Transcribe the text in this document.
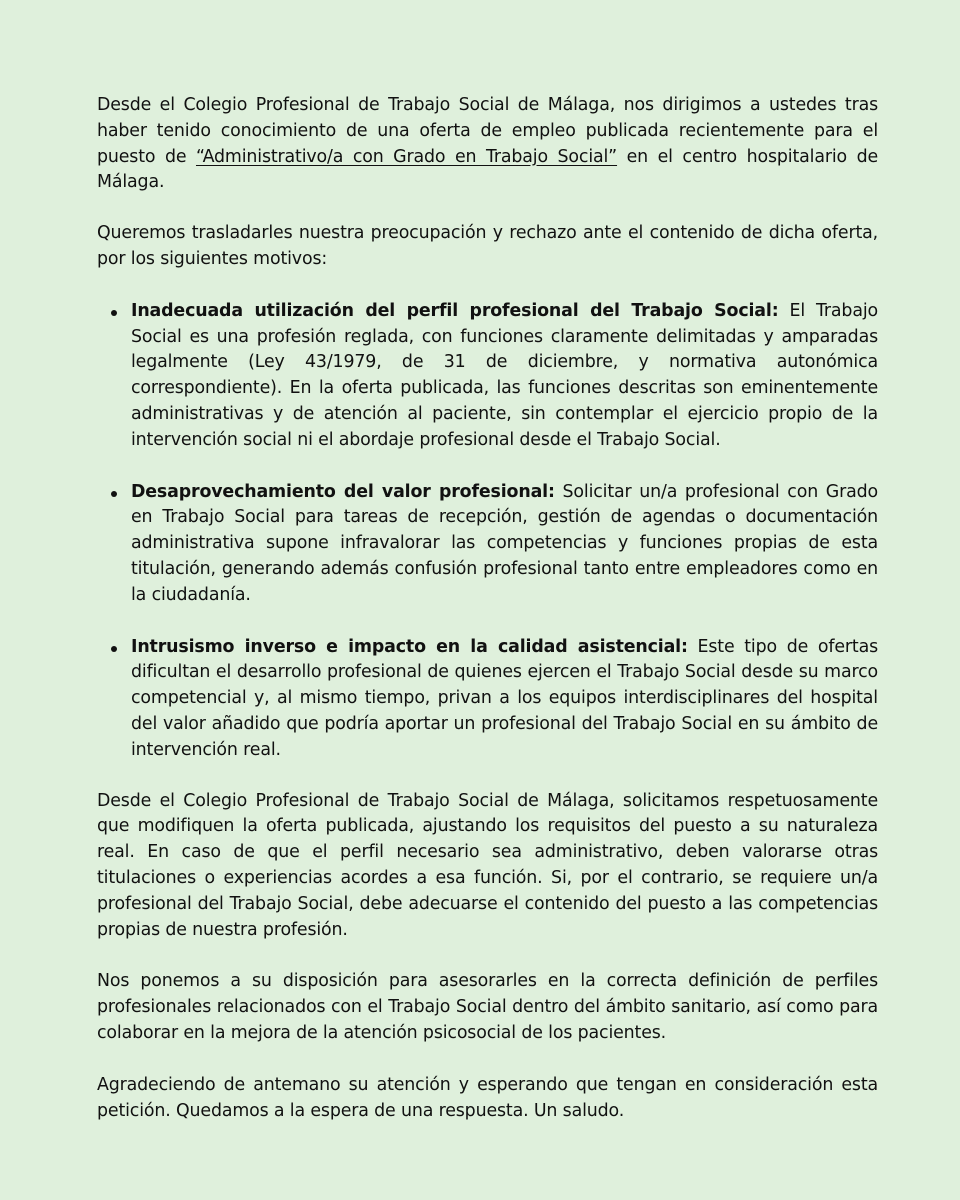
Desde el Colegio Profesional de Trabajo Social de Málaga, nos dirigimos a ustedes tras haber tenido conocimiento de una oferta de empleo publicada recientemente para el puesto de “Administrativo/a con Grado en Trabajo Social” en el centro hospitalario de Málaga.

Queremos trasladarles nuestra preocupación y rechazo ante el contenido de dicha oferta, por los siguientes motivos:

Inadecuada utilización del perfil profesional del Trabajo Social: El Trabajo Social es una profesión reglada, con funciones claramente delimitadas y amparadas legalmente (Ley 43/1979, de 31 de diciembre, y normativa autonómica correspondiente). En la oferta publicada, las funciones descritas son eminentemente administrativas y de atención al paciente, sin contemplar el ejercicio propio de la intervención social ni el abordaje profesional desde el Trabajo Social.
Desaprovechamiento del valor profesional: Solicitar un/a profesional con Grado en Trabajo Social para tareas de recepción, gestión de agendas o documentación administrativa supone infravalorar las competencias y funciones propias de esta titulación, generando además confusión profesional tanto entre empleadores como en la ciudadanía.
Intrusismo inverso e impacto en la calidad asistencial: Este tipo de ofertas dificultan el desarrollo profesional de quienes ejercen el Trabajo Social desde su marco competencial y, al mismo tiempo, privan a los equipos interdisciplinares del hospital del valor añadido que podría aportar un profesional del Trabajo Social en su ámbito de intervención real.

Desde el Colegio Profesional de Trabajo Social de Málaga, solicitamos respetuosamente que modifiquen la oferta publicada, ajustando los requisitos del puesto a su naturaleza real. En caso de que el perfil necesario sea administrativo, deben valorarse otras titulaciones o experiencias acordes a esa función. Si, por el contrario, se requiere un/a profesional del Trabajo Social, debe adecuarse el contenido del puesto a las competencias propias de nuestra profesión.

Nos ponemos a su disposición para asesorarles en la correcta definición de perfiles profesionales relacionados con el Trabajo Social dentro del ámbito sanitario, así como para colaborar en la mejora de la atención psicosocial de los pacientes.

Agradeciendo de antemano su atención y esperando que tengan en consideración esta petición. Quedamos a la espera de una respuesta. Un saludo.
